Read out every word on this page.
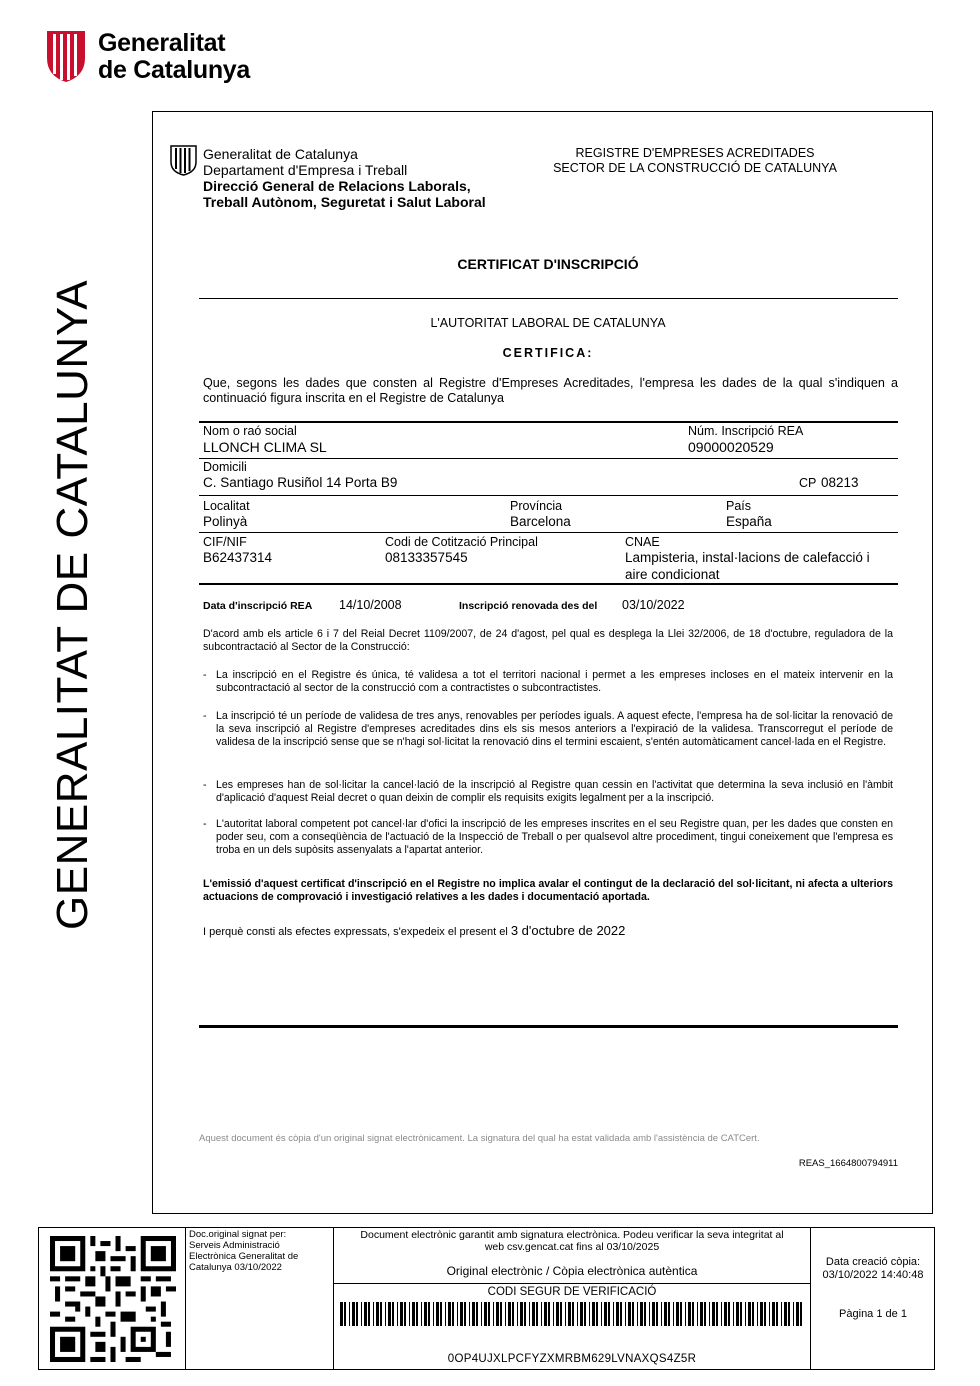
Generalitat
de Catalunya
GENERALITAT DE CATALUNYA
Generalitat de Catalunya
Departament d'Empresa i Treball
Direcció General de Relacions Laborals,
Treball Autònom, Seguretat i Salut Laboral
REGISTRE D'EMPRESES ACREDITADES
SECTOR DE LA CONSTRUCCIÓ DE CATALUNYA
CERTIFICAT D'INSCRIPCIÓ
L'AUTORITAT LABORAL DE CATALUNYA
CERTIFICA:
Que, segons les dades que consten al Registre d'Empreses Acreditades, l'empresa les dades de la qual s'indiquen a continuació figura inscrita en el Registre de Catalunya
Nom o raó social
LLONCH CLIMA SL
Núm. Inscripció REA
09000020529
Domicili
C. Santiago Rusiñol 14 Porta B9	CP 08213
Localitat
Polinyà
Província
Barcelona
País
España
CIF/NIF
B62437314
Codi de Cotització Principal
08133357545
CNAE
Lampisteria, instal·lacions de calefacció i
aire condicionat
Data d'inscripció REA 14/10/2008	Inscripció renovada des del 03/10/2022
D'acord amb els article 6 i 7 del Reial Decret 1109/2007, de 24 d'agost, pel qual es desplega la Llei 32/2006, de 18 d'octubre, reguladora de la subcontractació al Sector de la Construcció:
- La inscripció en el Registre és única, té validesa a tot el territori nacional i permet a les empreses incloses en el mateix intervenir en la subcontractació al sector de la construcció com a contractistes o subcontractistes.
- La inscripció té un període de validesa de tres anys, renovables per períodes iguals. A aquest efecte, l'empresa ha de sol·licitar la renovació de la seva inscripció al Registre d'empreses acreditades dins els sis mesos anteriors a l'expiració de la validesa. Transcorregut el període de validesa de la inscripció sense que se n'hagi sol·licitat la renovació dins el termini escaient, s'entén automàticament cancel·lada en el Registre.
- Les empreses han de sol·licitar la cancel·lació de la inscripció al Registre quan cessin en l'activitat que determina la seva inclusió en l'àmbit d'aplicació d'aquest Reial decret o quan deixin de complir els requisits exigits legalment per a la inscripció.
- L'autoritat laboral competent pot cancel·lar d'ofici la inscripció de les empreses inscrites en el seu Registre quan, per les dades que consten en poder seu, com a conseqüència de l'actuació de la Inspecció de Treball o per qualsevol altre procediment, tingui coneixement que l'empresa es troba en un dels supòsits assenyalats a l'apartat anterior.
L'emissió d'aquest certificat d'inscripció en el Registre no implica avalar el contingut de la declaració del sol·licitant, ni afecta a ulteriors actuacions de comprovació i investigació relatives a les dades i documentació aportada.
I perquè consti als efectes expressats, s'expedeix el present el 3 d'octubre de 2022
Aquest document és còpia d'un original signat electrònicament. La signatura del qual ha estat validada amb l'assistència de CATCert.
REAS_1664800794911
Doc.original signat per:
Serveis Administració
Electrònica Generalitat de
Catalunya 03/10/2022
Document electrònic garantit amb signatura electrònica. Podeu verificar la seva integritat al
web csv.gencat.cat fins al 03/10/2025
Original electrònic / Còpia electrònica autèntica
CODI SEGUR DE VERIFICACIÓ
0OP4UJXLPCFYZXMRBM629LVNAXQS4Z5R
Data creació còpia:
03/10/2022 14:40:48
Pàgina 1 de 1
